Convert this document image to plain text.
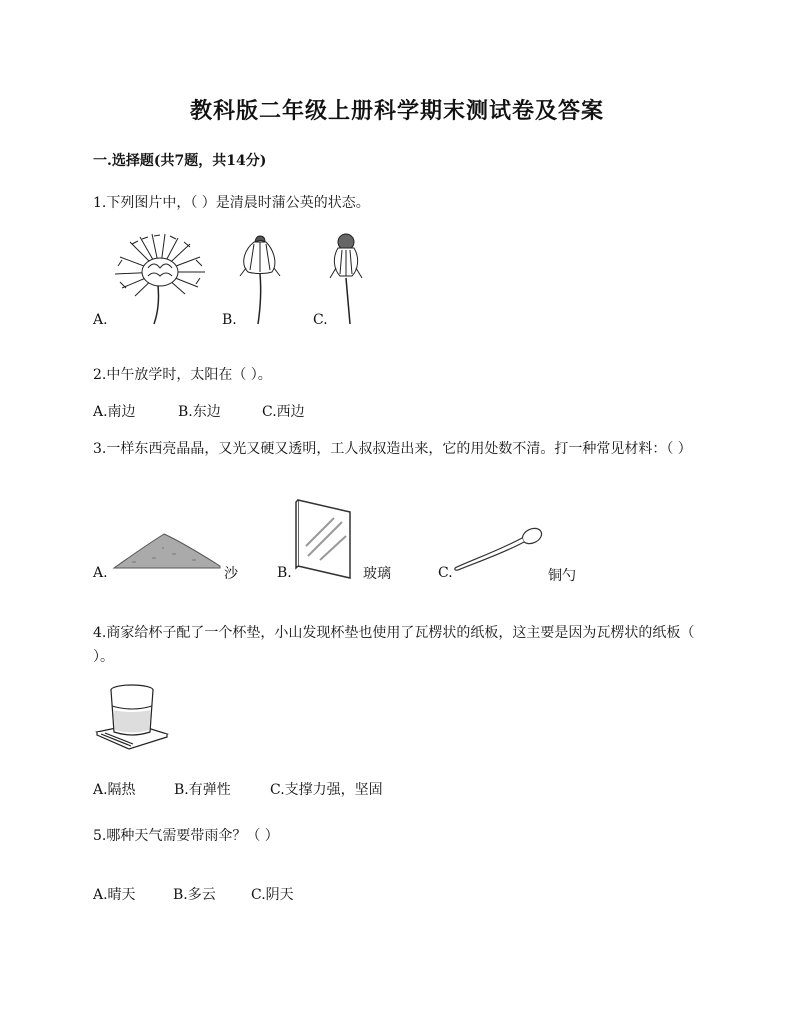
教科版二年级上册科学期末测试卷及答案
一.选择题(共7题，共14分)
1.下列图片中，（ ）是清晨时蒲公英的状态。
A.	B.	C.
2.中午放学时，太阳在（ ）。
A.南边	B.东边	C.西边
3.一样东西亮晶晶，又光又硬又透明，工人叔叔造出来，它的用处数不清。打一种常见材料：（ ）
A.	沙	B.	玻璃	C.	铜勺
4.商家给杯子配了一个杯垫，小山发现杯垫也使用了瓦楞状的纸板，这主要是因为瓦楞状的纸板（ ）。
A.隔热	B.有弹性	C.支撑力强，坚固
5.哪种天气需要带雨伞？（ ）
A.晴天	B.多云	C.阴天
